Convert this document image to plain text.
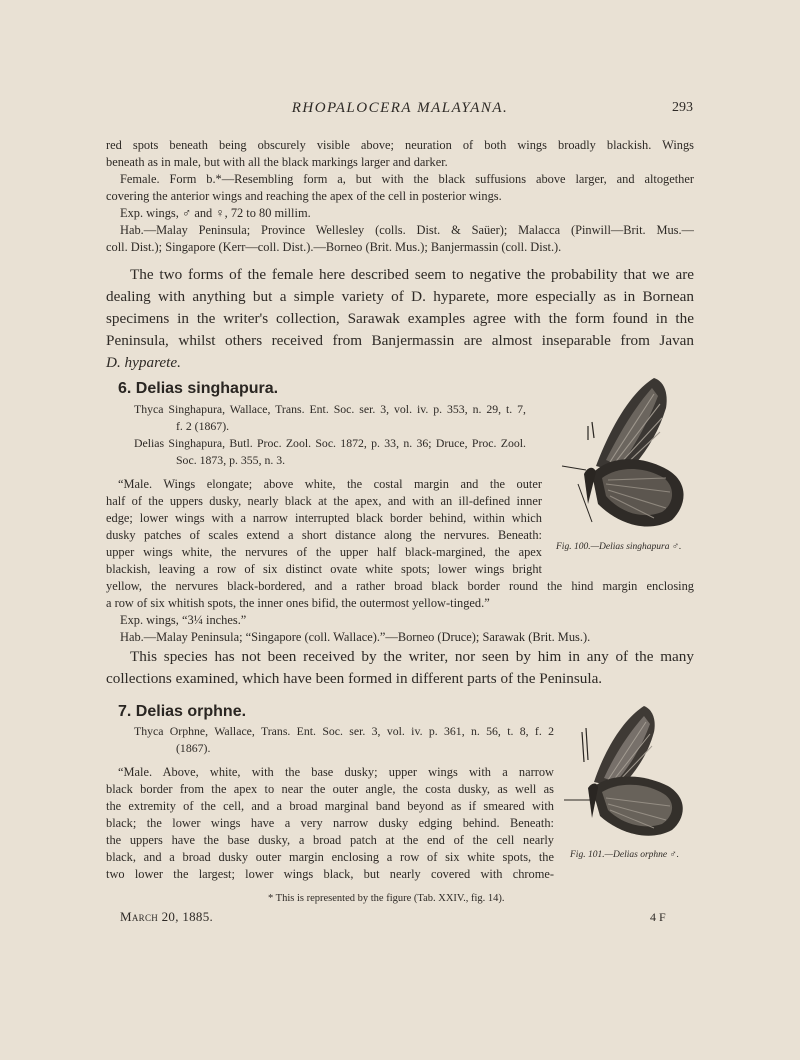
RHOPALOCERA MALAYANA.	293
red spots beneath being obscurely visible above; neuration of both wings broadly blackish. Wings
beneath as in male, but with all the black markings larger and darker.
Female. Form b.*—Resembling form a, but with the black suffusions above larger, and altogether
covering the anterior wings and reaching the apex of the cell in posterior wings.
Exp. wings, ♂ and ♀, 72 to 80 millim.
Hab.—Malay Peninsula; Province Wellesley (colls. Dist. & Saüer); Malacca (Pinwill—Brit. Mus.—
coll. Dist.); Singapore (Kerr—coll. Dist.).—Borneo (Brit. Mus.); Banjermassin (coll. Dist.).
The two forms of the female here described seem to negative the probability that we are
dealing with anything but a simple variety of D. hyparete, more especially as in Bornean
specimens in the writer's collection, Sarawak examples agree with the form found in the
Peninsula, whilst others received from Banjermassin are almost inseparable from Javan
D. hyparete.
6. Delias singhapura.
Thyca Singhapura, Wallace, Trans. Ent. Soc. ser. 3, vol. iv. p. 353, n. 29, t. 7,
f. 2 (1867).
Delias Singhapura, Butl. Proc. Zool. Soc. 1872, p. 33, n. 36; Druce, Proc. Zool.
Soc. 1873, p. 355, n. 3.
“Male. Wings elongate; above white, the costal margin and the outer
half of the uppers dusky, nearly black at the apex, and with an ill-defined inner
edge; lower wings with a narrow interrupted black border behind, within which
dusky patches of scales extend a short distance along the nervures. Beneath:
upper wings white, the nervures of the upper half black-margined, the apex
blackish, leaving a row of six distinct ovate white spots; lower wings bright
yellow, the nervures black-bordered, and a rather broad black border round the hind margin enclosing
a row of six whitish spots, the inner ones bifid, the outermost yellow-tinged.”
Exp. wings, “3¼ inches.”
Hab.—Malay Peninsula; “Singapore (coll. Wallace).”—Borneo (Druce); Sarawak (Brit. Mus.).
Fig. 100.—Delias singhapura ♂.
This species has not been received by the writer, nor seen by him in any of the many
collections examined, which have been formed in different parts of the Peninsula.
7. Delias orphne.
Thyca Orphne, Wallace, Trans. Ent. Soc. ser. 3, vol. iv. p. 361, n. 56, t. 8, f. 2
(1867).
“Male. Above, white, with the base dusky; upper wings with a narrow
black border from the apex to near the outer angle, the costa dusky, as well as
the extremity of the cell, and a broad marginal band beyond as if smeared with
black; the lower wings have a very narrow dusky edging behind. Beneath:
the uppers have the base dusky, a broad patch at the end of the cell nearly
black, and a broad dusky outer margin enclosing a row of six white spots, the
two lower the largest; lower wings black, but nearly covered with chrome-
Fig. 101.—Delias orphne ♂.
* This is represented by the figure (Tab. XXIV., fig. 14).
March 20, 1885.	4 F
